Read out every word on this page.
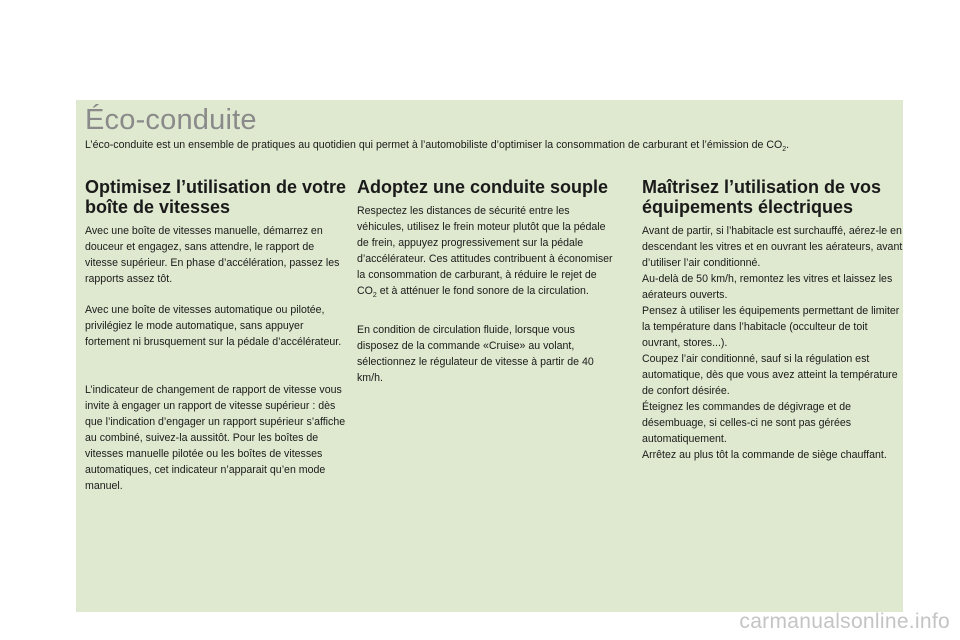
Éco-conduite

L’éco-conduite est un ensemble de pratiques au quotidien qui permet à l’automobiliste d’optimiser la consommation de carburant et l’émission de $CO_2$.

Optimisez l’utilisation de votre boîte de vitesses

Avec une boîte de vitesses manuelle, démarrez en douceur et engagez, sans attendre, le rapport de vitesse supérieur. En phase d’accélération, passez les rapports assez tôt.

Avec une boîte de vitesses automatique ou pilotée, privilégiez le mode automatique, sans appuyer fortement ni brusquement sur la pédale d’accélérateur.

L’indicateur de changement de rapport de vitesse vous invite à engager un rapport de vitesse supérieur : dès que l’indication d’engager un rapport supérieur s’affiche au combiné, suivez-la aussitôt. Pour les boîtes de vitesses manuelle pilotée ou les boîtes de vitesses automatiques, cet indicateur n’apparait qu’en mode manuel.

Adoptez une conduite souple

Respectez les distances de sécurité entre les véhicules, utilisez le frein moteur plutôt que la pédale de frein, appuyez progressivement sur la pédale d’accélérateur. Ces attitudes contribuent à économiser la consommation de carburant, à réduire le rejet de $CO_2$ et à atténuer le fond sonore de la circulation.

En condition de circulation fluide, lorsque vous disposez de la commande «Cruise» au volant, sélectionnez le régulateur de vitesse à partir de 40 km/h.

Maîtrisez l’utilisation de vos équipements électriques

Avant de partir, si l’habitacle est surchauffé, aérez-le en descendant les vitres et en ouvrant les aérateurs, avant d’utiliser l’air conditionné.
Au-delà de 50 km/h, remontez les vitres et laissez les aérateurs ouverts.
Pensez à utiliser les équipements permettant de limiter la température dans l’habitacle (occulteur de toit ouvrant, stores...).
Coupez l’air conditionné, sauf si la régulation est automatique, dès que vous avez atteint la température de confort désirée.
Éteignez les commandes de dégivrage et de désembuage, si celles-ci ne sont pas gérées automatiquement.
Arrêtez au plus tôt la commande de siège chauffant.

carmanualsonline.info
